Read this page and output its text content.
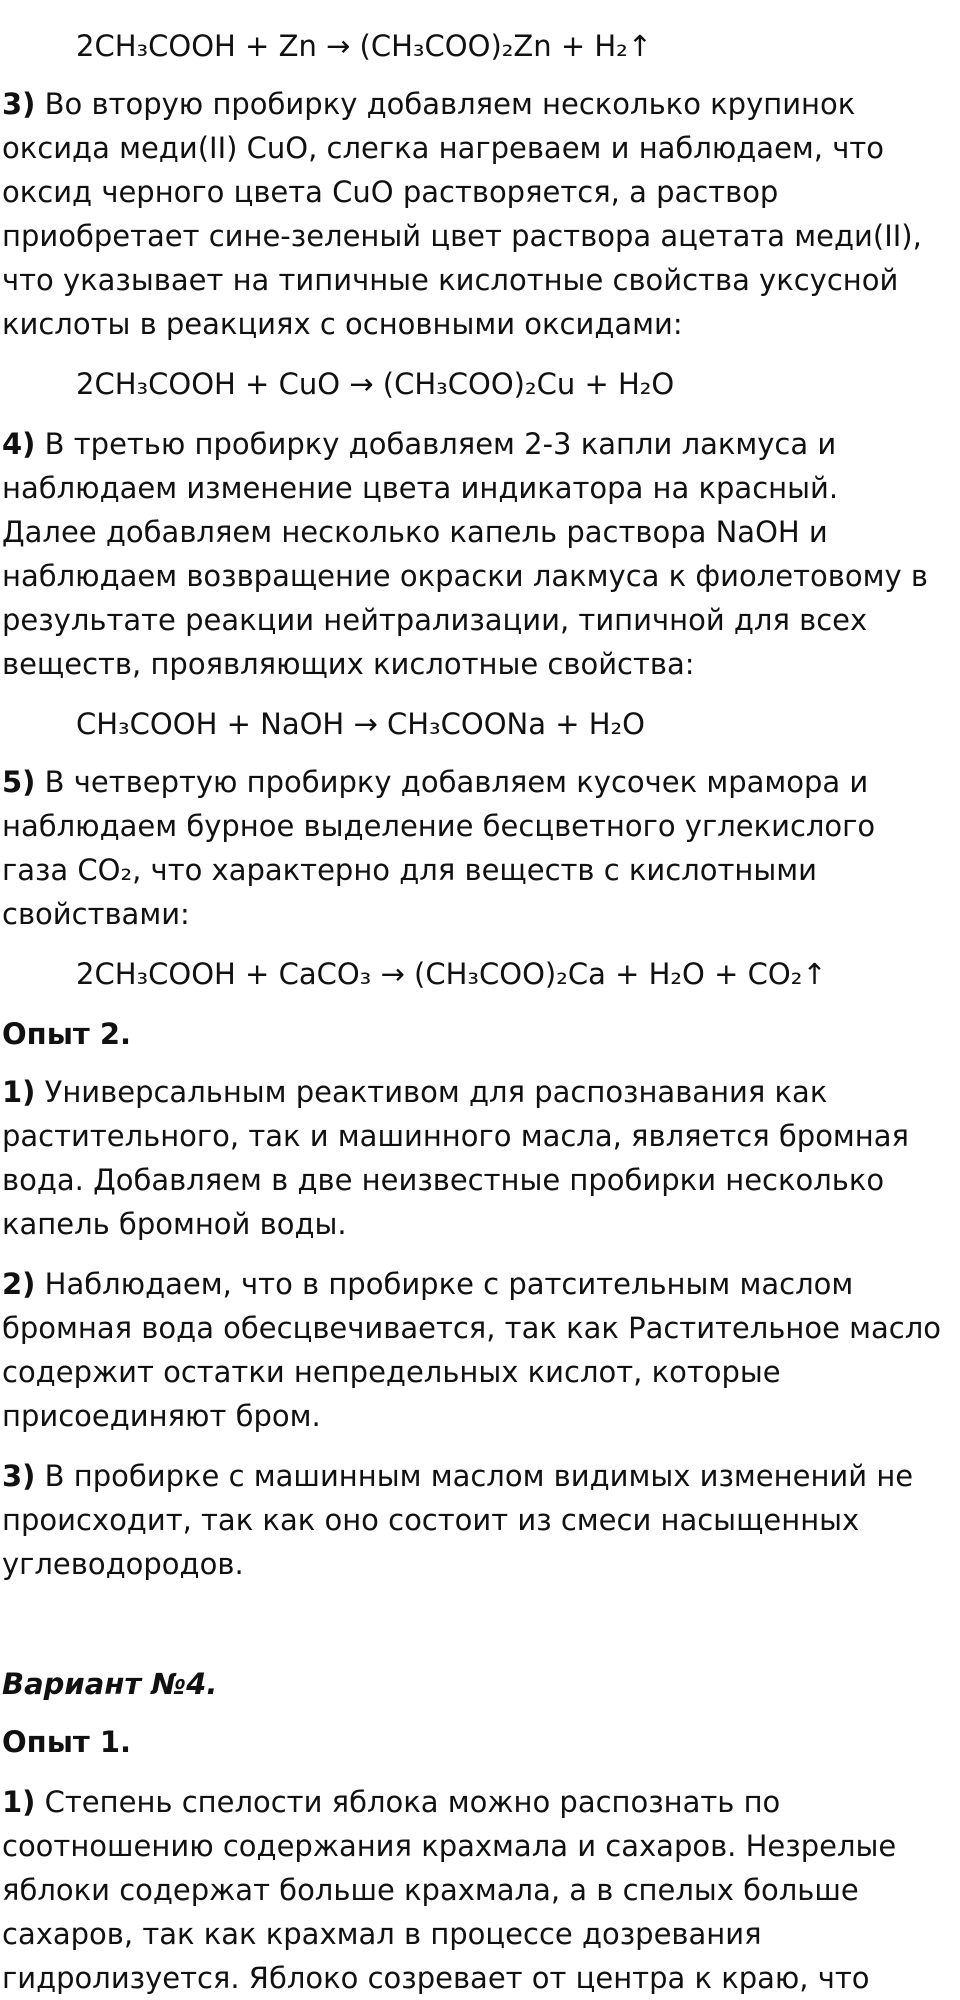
2CH₃COOH + Zn → (CH₃COO)₂Zn + H₂↑

3) Во вторую пробирку добавляем несколько крупинок

оксида меди(II) CuO, слегка нагреваем и наблюдаем, что

оксид черного цвета CuO растворяется, а раствор

приобретает сине-зеленый цвет раствора ацетата меди(II),

что указывает на типичные кислотные свойства уксусной

кислоты в реакциях с основными оксидами:

2CH₃COOH + CuO → (CH₃COO)₂Cu + H₂O

4) В третью пробирку добавляем 2-3 капли лакмуса и

наблюдаем изменение цвета индикатора на красный.

Далее добавляем несколько капель раствора NaOH и

наблюдаем возвращение окраски лакмуса к фиолетовому в

результате реакции нейтрализации, типичной для всех

веществ, проявляющих кислотные свойства:

CH₃COOH + NaOH → CH₃COONa + H₂O

5) В четвертую пробирку добавляем кусочек мрамора и

наблюдаем бурное выделение бесцветного углекислого

газа CO₂, что характерно для веществ с кислотными

свойствами:

2CH₃COOH + CaCO₃ → (CH₃COO)₂Ca + H₂O + CO₂↑

Опыт 2.

1) Универсальным реактивом для распознавания как

растительного, так и машинного масла, является бромная

вода. Добавляем в две неизвестные пробирки несколько

капель бромной воды.

2) Наблюдаем, что в пробирке с ратсительным маслом

бромная вода обесцвечивается, так как Растительное масло

содержит остатки непредельных кислот, которые

присоединяют бром.

3) В пробирке с машинным маслом видимых изменений не

происходит, так как оно состоит из смеси насыщенных

углеводородов.

Вариант №4.

Опыт 1.

1) Степень спелости яблока можно распознать по

соотношению содержания крахмала и сахаров. Незрелые

яблоки содержат больше крахмала, а в спелых больше

сахаров, так как крахмал в процессе дозревания

гидролизуется. Яблоко созревает от центра к краю, что
